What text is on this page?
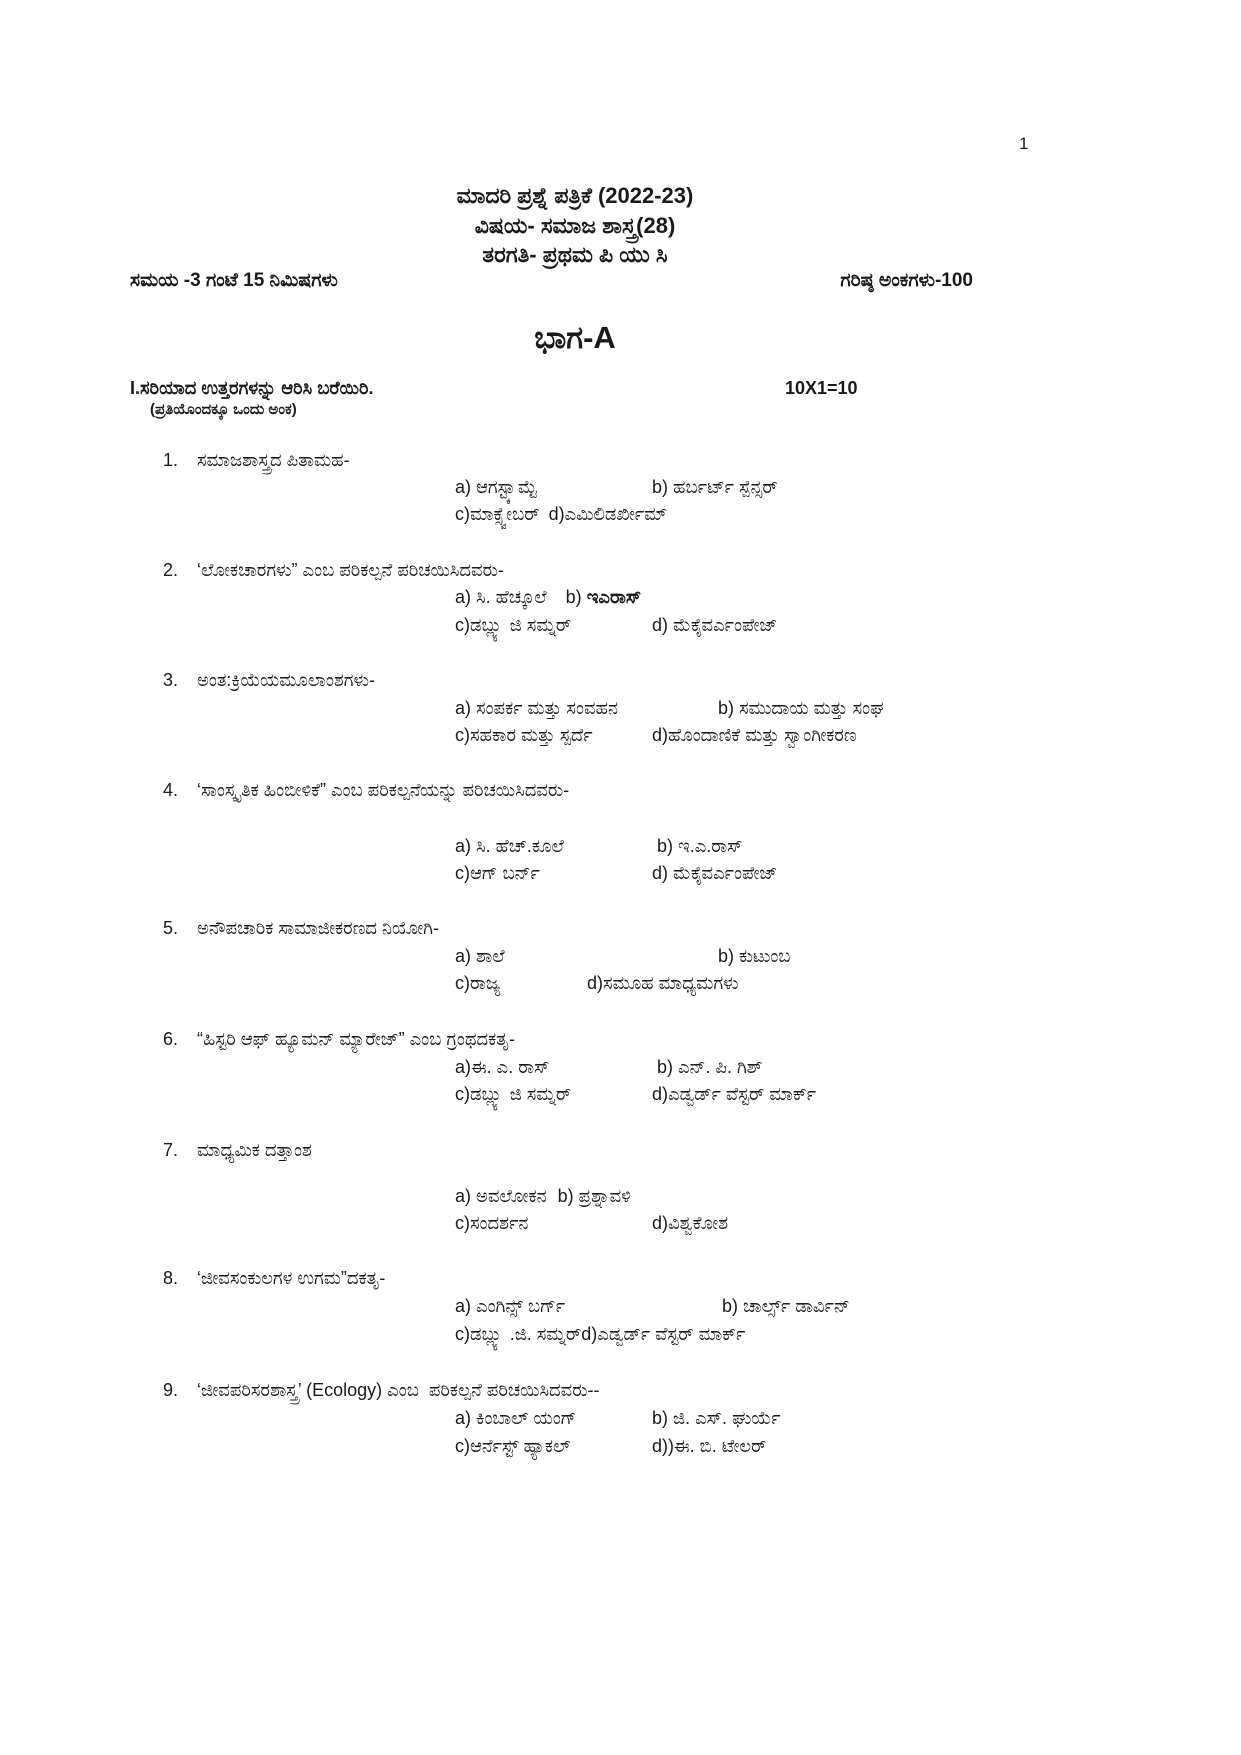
1
ಮಾದರಿ ಪ್ರಶ್ನೆ ಪತ್ರಿಕೆ (2022-23)
ವಿಷಯ- ಸಮಾಜ ಶಾಸ್ತ್ರ(28)
ತರಗತಿ- ಪ್ರಥಮ ಪಿ ಯು ಸಿ
ಸಮಯ -3 ಗಂಟೆ 15 ನಿಮಿಷಗಳು	ಗರಿಷ್ಠ ಅಂಕಗಳು-100
ಭಾಗ-A
I.ಸರಿಯಾದ ಉತ್ತರಗಳನ್ನು ಆರಿಸಿ ಬರೆಯಿರಿ.	10X1=10
(ಪ್ರತಿಯೊಂದಕ್ಕೂ ಒಂದು ಅಂಕ)
1. ಸಮಾಜಶಾಸ್ತ್ರದ ಪಿತಾಮಹ-
a) ಆಗಸ್ಟ್ಕಾಮ್ಟೆ	b) ಹರ್ಬರ್ಟ್ ಸ್ಪೆನ್ಸರ್
c)ಮಾಕ್ಸ್ವೇಬರ್ d)ಎಮಿಲಿಡರ್ಖೀಮ್
2. ‘ಲೋಕಚಾರಗಳು” ಎಂಬ ಪರಿಕಲ್ಪನೆ ಪರಿಚಯಿಸಿದವರು-
a) ಸಿ. ಹೆಚ್ಕೂಲೆ b) ಇಎರಾಸ್
c)ಡಬ್ಲ್ಯು ಜಿ ಸಮ್ನರ್	d) ಮೆಕೈವರ್ಎಂಪೇಜ್
3. ಅಂತ:ಕ್ರಿಯೆಯಮೂಲಾಂಶಗಳು-
a) ಸಂಪರ್ಕ ಮತ್ತು ಸಂವಹನ	b) ಸಮುದಾಯ ಮತ್ತು ಸಂಘ
c)ಸಹಕಾರ ಮತ್ತು ಸ್ಪರ್ದೆ	d)ಹೊಂದಾಣಿಕೆ ಮತ್ತು ಸ್ವಾಂಗೀಕರಣ
4. ‘ಸಾಂಸ್ಕೃತಿಕ ಹಿಂಬೀಳಿಕೆ” ಎಂಬ ಪರಿಕಲ್ಪನೆಯನ್ನು ಪರಿಚಯಿಸಿದವರು-
a) ಸಿ. ಹೆಚ್.ಕೂಲೆ	b) ಇ.ಎ.ರಾಸ್
c)ಆಗ್ ಬರ್ನ್	d) ಮೆಕೈವರ್ಎಂಪೇಜ್
5. ಅನೌಪಚಾರಿಕ ಸಾಮಾಜೀಕರಣದ ನಿಯೋಗಿ-
a) ಶಾಲೆ	b) ಕುಟುಂಬ
c)ರಾಜ್ಯ	d)ಸಮೂಹ ಮಾಧ್ಯಮಗಳು
6. “ಹಿಸ್ಟರಿ ಆಫ್ ಹ್ಯೂಮನ್ ಮ್ಯಾರೇಜ್” ಎಂಬ ಗ್ರಂಥದಕತೃ-
a)ಈ. ಎ. ರಾಸ್	b) ಎನ್. ಪಿ. ಗಿಶ್
c)ಡಬ್ಲ್ಯು ಜಿ ಸಮ್ನರ್	d)ಎಡ್ವರ್ಡ್ ವೆಸ್ಟರ್ ಮಾರ್ಕ್
7. ಮಾಧ್ಯಮಿಕ ದತ್ತಾಂಶ
a) ಅವಲೋಕನ b) ಪ್ರಶ್ನಾವಳಿ
c)ಸಂದರ್ಶನ	d)ವಿಶ್ವಕೋಶ
8. ‘ಜೀವಸಂಕುಲಗಳ ಉಗಮ”ದಕತೃ-
a) ಎಂಗಿನ್ಸ್ ಬರ್ಗ್	b) ಚಾರ್ಲ್ಸ್ ಡಾರ್ವಿನ್
c)ಡಬ್ಲ್ಯು .ಜಿ. ಸಮ್ನರ್d)ಎಡ್ವರ್ಡ್ ವೆಸ್ಟರ್ ಮಾರ್ಕ್
9. ‘ಜೀವಪರಿಸರಶಾಸ್ತ್ರ’ (Ecology) ಎಂಬ  ಪರಿಕಲ್ಪನೆ ಪರಿಚಯಿಸಿದವರು--
a) ಕಿಂಬಾಲ್ ಯಂಗ್	b) ಜಿ. ಎಸ್. ಘುರ್ಯೆ
c)ಆರ್ನೆಸ್ಟ್ ಹ್ಯಾಕಲ್	d))ಈ. ಬಿ. ಟೇಲರ್
